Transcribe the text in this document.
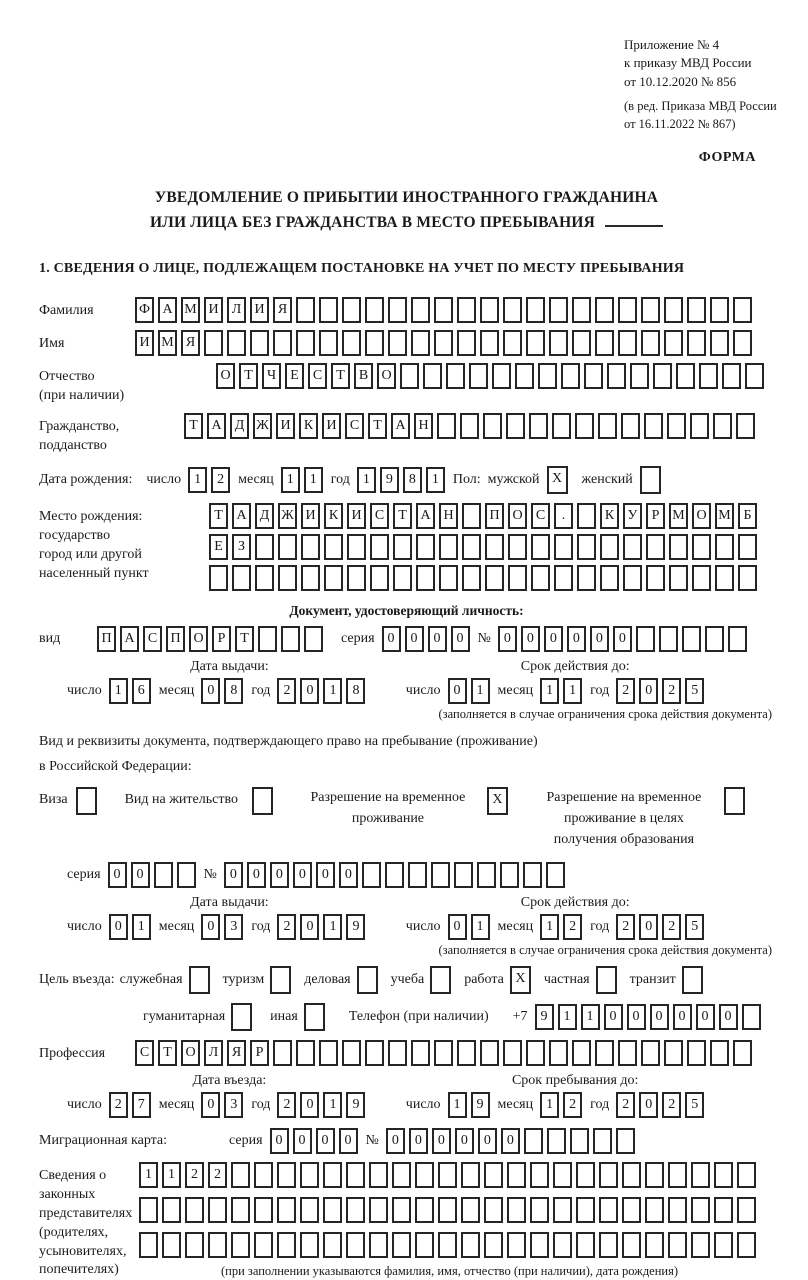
Приложение № 4
к приказу МВД России
от 10.12.2020 № 856
(в ред. Приказа МВД России
от 16.11.2022 № 867)
ФОРМА
УВЕДОМЛЕНИЕ О ПРИБЫТИИ ИНОСТРАННОГО ГРАЖДАНИНА
ИЛИ ЛИЦА БЕЗ ГРАЖДАНСТВА В МЕСТО ПРЕБЫВАНИЯ
1. СВЕДЕНИЯ О ЛИЦЕ, ПОДЛЕЖАЩЕМ ПОСТАНОВКЕ НА УЧЕТ ПО МЕСТУ ПРЕБЫВАНИЯ
Фамилия	Ф А М И Л И Я
Имя	И М Я
Отчество
(при наличии)
О Т	Ч	Е	С	Т	В О
Гражданство,
подданство
Т А Д Ж И К И С	Т А Н
Дата рождения: число 1	2	месяц 1	1	год 1	9	8	1	Пол: мужской X	женский
Место рождения:
государство
город или другой
населенный пункт
Т А Д Ж И К И С	Т А Н	П О С	.	К У	Р М О М Б
Е	З
Документ, удостоверяющий личность:
вид	П А С П О	Р	Т	серия 0	0	0	0	№ 0	0	0	0	0	0
Дата выдачи:
число 1	6	месяц 0	8	год 2	0	1	8
Срок действия до:
число 0	1	месяц 1	1	год 2	0	2	5
(заполняется в случае ограничения срока действия документа)
Вид и реквизиты документа, подтверждающего право на пребывание (проживание)
в Российской Федерации:
Виза	Вид на жительство	Разрешение на временное
проживание
X	Разрешение на временное
проживание в целях
получения образования
серия 0	0	№ 0	0	0	0	0	0
Дата выдачи:
число 0	1	месяц 0	3	год 2	0	1	9
Срок действия до:
число 0	1	месяц 1	2	год 2	0	2	5
(заполняется в случае ограничения срока действия документа)
Цель въезда: служебная	туризм	деловая	учеба	работа X	частная	транзит
гуманитарная	иная	Телефон (при наличии) +7 9	1	1	0	0	0	0	0	0
Профессия	С	Т О Л Я	Р
Дата въезда:
число 2	7	месяц 0	3	год 2	0	1	9
Срок пребывания до:
число 1	9	месяц 1	2	год 2	0	2	5
Миграционная карта:	серия 0	0	0	0	№ 0	0	0	0	0	0
Сведения о
законных
представителях
(родителях,
усыновителях,
попечителях)
1	1	2	2
(при заполнении указываются фамилия, имя, отчество (при наличии), дата рождения)
